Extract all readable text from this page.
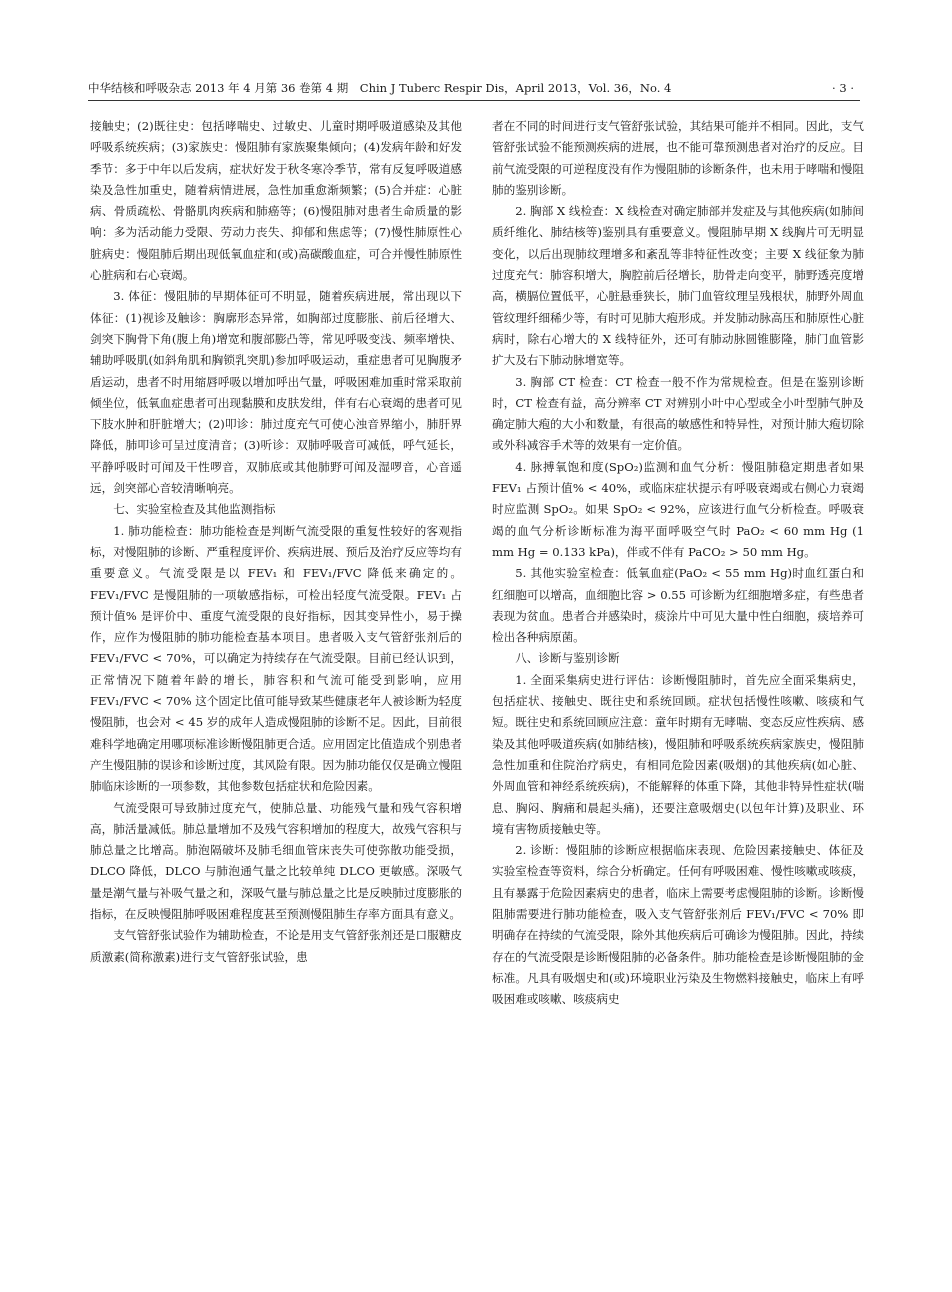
中华结核和呼吸杂志 2013 年 4 月第 36 卷第 4 期　Chin J Tuberc Respir Dis，April 2013，Vol. 36，No. 4	· 3 ·

接触史；(2)既往史：包括哮喘史、过敏史、儿童时期呼吸道感染及其他呼吸系统疾病；(3)家族史：慢阻肺有家族聚集倾向；(4)发病年龄和好发季节：多于中年以后发病，症状好发于秋冬寒冷季节，常有反复呼吸道感染及急性加重史，随着病情进展，急性加重愈渐频繁；(5)合并症：心脏病、骨质疏松、骨骼肌肉疾病和肺癌等；(6)慢阻肺对患者生命质量的影响：多为活动能力受限、劳动力丧失、抑郁和焦虑等；(7)慢性肺原性心脏病史：慢阻肺后期出现低氧血症和(或)高碳酸血症，可合并慢性肺原性心脏病和右心衰竭。

3. 体征：慢阻肺的早期体征可不明显，随着疾病进展，常出现以下体征：(1)视诊及触诊：胸廓形态异常，如胸部过度膨胀、前后径增大、剑突下胸骨下角(腹上角)增宽和腹部膨凸等，常见呼吸变浅、频率增快、辅助呼吸肌(如斜角肌和胸锁乳突肌)参加呼吸运动，重症患者可见胸腹矛盾运动，患者不时用缩唇呼吸以增加呼出气量，呼吸困难加重时常采取前倾坐位，低氧血症患者可出现黏膜和皮肤发绀，伴有右心衰竭的患者可见下肢水肿和肝脏增大；(2)叩诊：肺过度充气可使心浊音界缩小，肺肝界降低，肺叩诊可呈过度清音；(3)听诊：双肺呼吸音可减低，呼气延长，平静呼吸时可闻及干性啰音，双肺底或其他肺野可闻及湿啰音，心音遥远，剑突部心音较清晰响亮。

七、实验室检查及其他监测指标

1. 肺功能检查：肺功能检查是判断气流受限的重复性较好的客观指标，对慢阻肺的诊断、严重程度评价、疾病进展、预后及治疗反应等均有重要意义。气流受限是以 FEV₁ 和 FEV₁/FVC 降低来确定的。FEV₁/FVC 是慢阻肺的一项敏感指标，可检出轻度气流受限。FEV₁ 占预计值% 是评价中、重度气流受限的良好指标，因其变异性小，易于操作，应作为慢阻肺的肺功能检查基本项目。患者吸入支气管舒张剂后的 FEV₁/FVC < 70%，可以确定为持续存在气流受限。目前已经认识到，正常情况下随着年龄的增长，肺容积和气流可能受到影响，应用 FEV₁/FVC < 70% 这个固定比值可能导致某些健康老年人被诊断为轻度慢阻肺，也会对 < 45 岁的成年人造成慢阻肺的诊断不足。因此，目前很难科学地确定用哪项标准诊断慢阻肺更合适。应用固定比值造成个别患者产生慢阻肺的误诊和诊断过度，其风险有限。因为肺功能仅仅是确立慢阻肺临床诊断的一项参数，其他参数包括症状和危险因素。

气流受限可导致肺过度充气，使肺总量、功能残气量和残气容积增高，肺活量减低。肺总量增加不及残气容积增加的程度大，故残气容积与肺总量之比增高。肺泡隔破坏及肺毛细血管床丧失可使弥散功能受损，DLCO 降低，DLCO 与肺泡通气量之比较单纯 DLCO 更敏感。深吸气量是潮气量与补吸气量之和，深吸气量与肺总量之比是反映肺过度膨胀的指标，在反映慢阻肺呼吸困难程度甚至预测慢阻肺生存率方面具有意义。

支气管舒张试验作为辅助检查，不论是用支气管舒张剂还是口服糖皮质激素(简称激素)进行支气管舒张试验，患

者在不同的时间进行支气管舒张试验，其结果可能并不相同。因此，支气管舒张试验不能预测疾病的进展，也不能可靠预测患者对治疗的反应。目前气流受限的可逆程度没有作为慢阻肺的诊断条件，也未用于哮喘和慢阻肺的鉴别诊断。

2. 胸部 X 线检查：X 线检查对确定肺部并发症及与其他疾病(如肺间质纤维化、肺结核等)鉴别具有重要意义。慢阻肺早期 X 线胸片可无明显变化，以后出现肺纹理增多和紊乱等非特征性改变；主要 X 线征象为肺过度充气：肺容积增大，胸腔前后径增长，肋骨走向变平，肺野透亮度增高，横膈位置低平，心脏悬垂狭长，肺门血管纹理呈残根状，肺野外周血管纹理纤细稀少等，有时可见肺大疱形成。并发肺动脉高压和肺原性心脏病时，除右心增大的 X 线特征外，还可有肺动脉圆锥膨隆，肺门血管影扩大及右下肺动脉增宽等。

3. 胸部 CT 检查：CT 检查一般不作为常规检查。但是在鉴别诊断时，CT 检查有益，高分辨率 CT 对辨别小叶中心型或全小叶型肺气肿及确定肺大疱的大小和数量，有很高的敏感性和特异性，对预计肺大疱切除或外科减容手术等的效果有一定价值。

4. 脉搏氧饱和度(SpO₂)监测和血气分析：慢阻肺稳定期患者如果 FEV₁ 占预计值% < 40%，或临床症状提示有呼吸衰竭或右侧心力衰竭时应监测 SpO₂。如果 SpO₂ < 92%，应该进行血气分析检查。呼吸衰竭的血气分析诊断标准为海平面呼吸空气时 PaO₂ < 60 mm Hg (1 mm Hg = 0.133 kPa)，伴或不伴有 PaCO₂ > 50 mm Hg。

5. 其他实验室检查：低氧血症(PaO₂ < 55 mm Hg)时血红蛋白和红细胞可以增高，血细胞比容 > 0.55 可诊断为红细胞增多症，有些患者表现为贫血。患者合并感染时，痰涂片中可见大量中性白细胞，痰培养可检出各种病原菌。

八、诊断与鉴别诊断

1. 全面采集病史进行评估：诊断慢阻肺时，首先应全面采集病史，包括症状、接触史、既往史和系统回顾。症状包括慢性咳嗽、咳痰和气短。既往史和系统回顾应注意：童年时期有无哮喘、变态反应性疾病、感染及其他呼吸道疾病(如肺结核)，慢阻肺和呼吸系统疾病家族史，慢阻肺急性加重和住院治疗病史，有相同危险因素(吸烟)的其他疾病(如心脏、外周血管和神经系统疾病)，不能解释的体重下降，其他非特异性症状(喘息、胸闷、胸痛和晨起头痛)，还要注意吸烟史(以包年计算)及职业、环境有害物质接触史等。

2. 诊断：慢阻肺的诊断应根据临床表现、危险因素接触史、体征及实验室检查等资料，综合分析确定。任何有呼吸困难、慢性咳嗽或咳痰，且有暴露于危险因素病史的患者，临床上需要考虑慢阻肺的诊断。诊断慢阻肺需要进行肺功能检查，吸入支气管舒张剂后 FEV₁/FVC < 70% 即明确存在持续的气流受限，除外其他疾病后可确诊为慢阻肺。因此，持续存在的气流受限是诊断慢阻肺的必备条件。肺功能检查是诊断慢阻肺的金标准。凡具有吸烟史和(或)环境职业污染及生物燃料接触史，临床上有呼吸困难或咳嗽、咳痰病史
